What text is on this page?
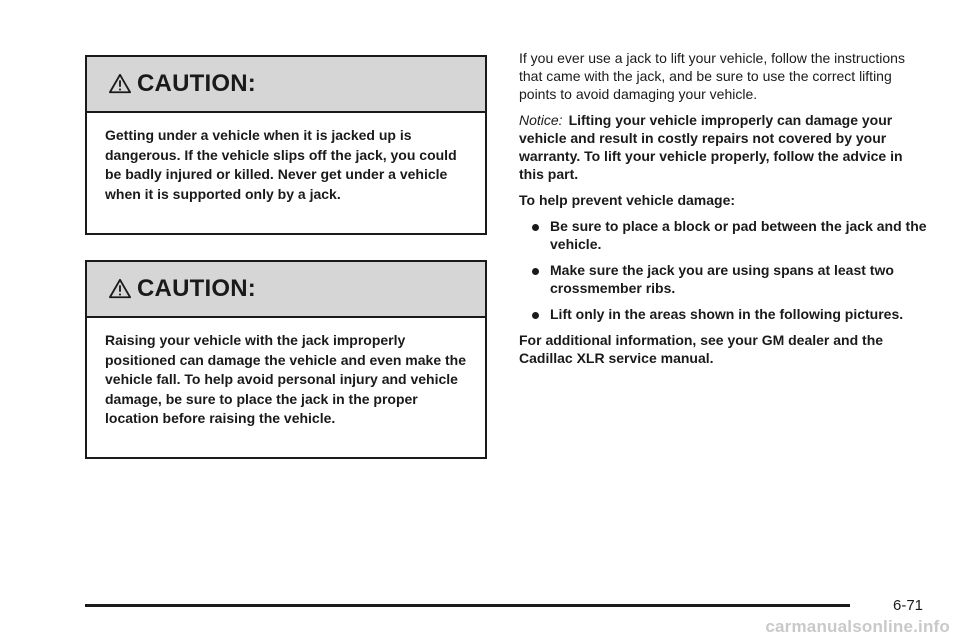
CAUTION:
Getting under a vehicle when it is jacked up is dangerous. If the vehicle slips off the jack, you could be badly injured or killed. Never get under a vehicle when it is supported only by a jack.
CAUTION:
Raising your vehicle with the jack improperly positioned can damage the vehicle and even make the vehicle fall. To help avoid personal injury and vehicle damage, be sure to place the jack in the proper location before raising the vehicle.

If you ever use a jack to lift your vehicle, follow the instructions that came with the jack, and be sure to use the correct lifting points to avoid damaging your vehicle.

Notice: Lifting your vehicle improperly can damage your vehicle and result in costly repairs not covered by your warranty. To lift your vehicle properly, follow the advice in this part.

To help prevent vehicle damage:

Be sure to place a block or pad between the jack and the vehicle.
Make sure the jack you are using spans at least two crossmember ribs.
Lift only in the areas shown in the following pictures.

For additional information, see your GM dealer and the Cadillac XLR service manual.

6-71
carmanualsonline.info
